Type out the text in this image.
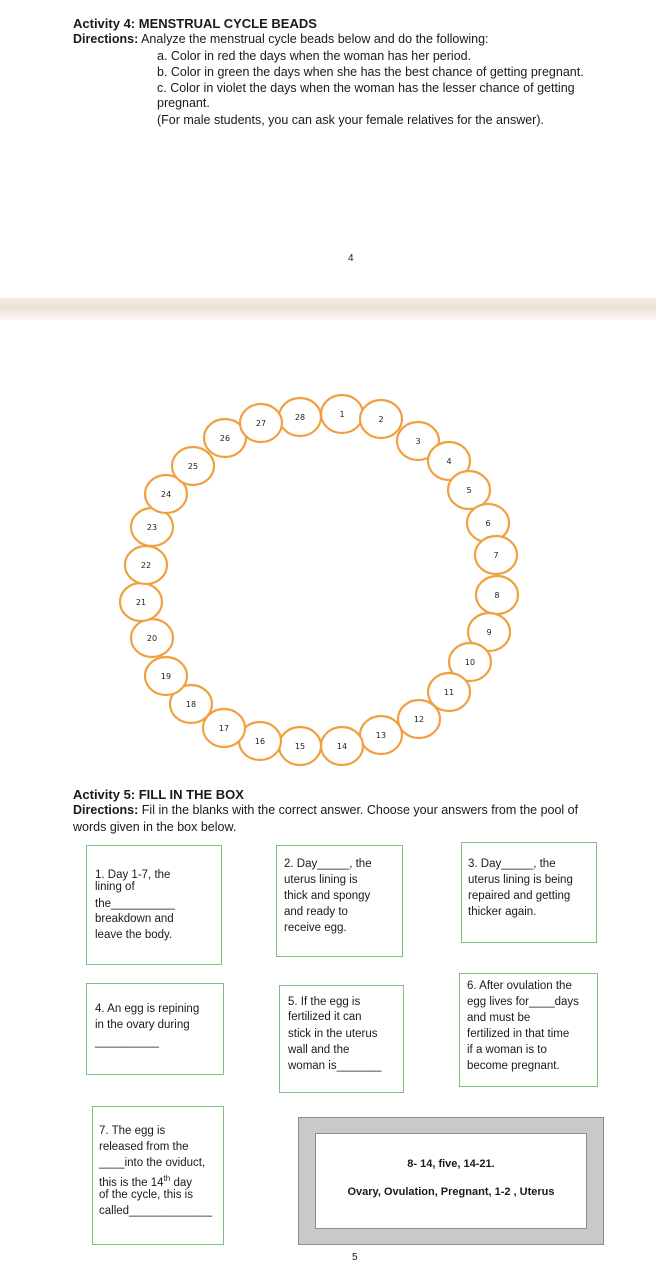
Activity 4: MENSTRUAL CYCLE BEADS
Directions: Analyze the menstrual cycle beads below and do the following:
a. Color in red the days when the woman has her period.
b. Color in green the days when she has the best chance of getting pregnant.
c. Color in violet the days when the woman has the lesser chance of getting
pregnant.
(For male students, you can ask your female relatives for the answer).
4
28	1
2
3
4
5
6
7
8
9
10
11
12
13
14
15
16
17
18
19
20
21
22
23
24
25
26
27
Activity 5: FILL IN THE BOX
Directions: Fil in the blanks with the correct answer. Choose your answers from the pool of
words given in the box below.
1. Day 1-7, the
lining of
the__________
breakdown and
leave the body.
2. Day_____, the
uterus lining is
thick and spongy
and ready to
receive egg.
3. Day_____, the
uterus lining is being
repaired and getting
thicker again.
4. An egg is repining
in the ovary during
__________
5. If the egg is
fertilized it can
stick in the uterus
wall and the
woman is_______
6. After ovulation the
egg lives for____days
and must be
fertilized in that time
if a woman is to
become pregnant.
7. The egg is
released from the
____into the oviduct,
this is the 14th day
of the cycle, this is
called_____________
8- 14, five, 14-21.
Ovary, Ovulation, Pregnant, 1-2 , Uterus
5
